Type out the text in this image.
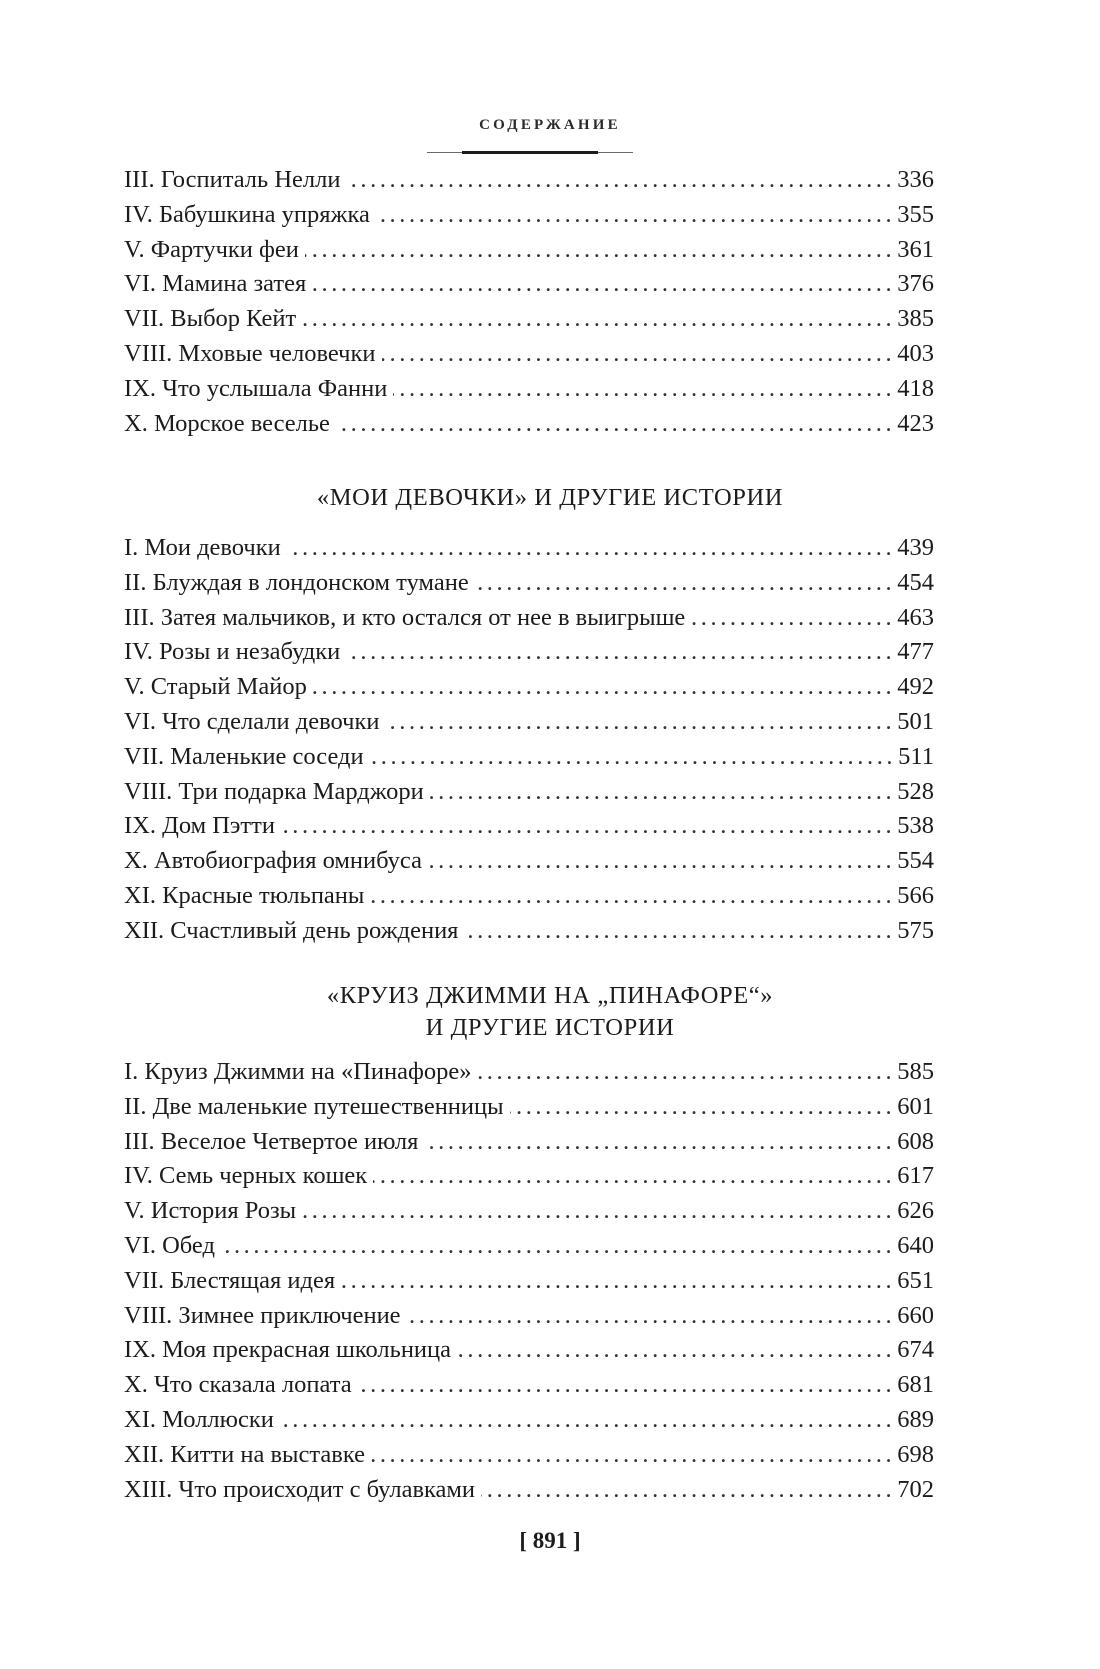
СОДЕРЖАНИЕ
III. Госпиталь Нелли .....	336
IV. Бабушкина упряжка .....	355
V. Фартучки феи .....	361
VI. Мамина затея .....	376
VII. Выбор Кейт .....	385
VIII. Мховые человечки .....	403
IX. Что услышала Фанни .....	418
X. Морское веселье .....	423
«МОИ ДЕВОЧКИ» И ДРУГИЕ ИСТОРИИ
I. Мои девочки .....	439
II. Блуждая в лондонском тумане .....	454
III. Затея мальчиков, и кто остался от нее в выигрыше .....	463
IV. Розы и незабудки .....	477
V. Старый Майор .....	492
VI. Что сделали девочки .....	501
VII. Маленькие соседи .....	511
VIII. Три подарка Марджори .....	528
IX. Дом Пэтти .....	538
X. Автобиография омнибуса .....	554
XI. Красные тюльпаны .....	566
XII. Счастливый день рождения .....	575
«КРУИЗ ДЖИММИ НА „ПИНАФОРЕ“»
И ДРУГИЕ ИСТОРИИ
I. Круиз Джимми на «Пинафоре» .....	585
II. Две маленькие путешественницы .....	601
III. Веселое Четвертое июля .....	608
IV. Семь черных кошек .....	617
V. История Розы .....	626
VI. Обед .....	640
VII. Блестящая идея .....	651
VIII. Зимнее приключение .....	660
IX. Моя прекрасная школьница .....	674
X. Что сказала лопата .....	681
XI. Моллюски .....	689
XII. Китти на выставке .....	698
XIII. Что происходит с булавками .....	702
[ 891 ]
